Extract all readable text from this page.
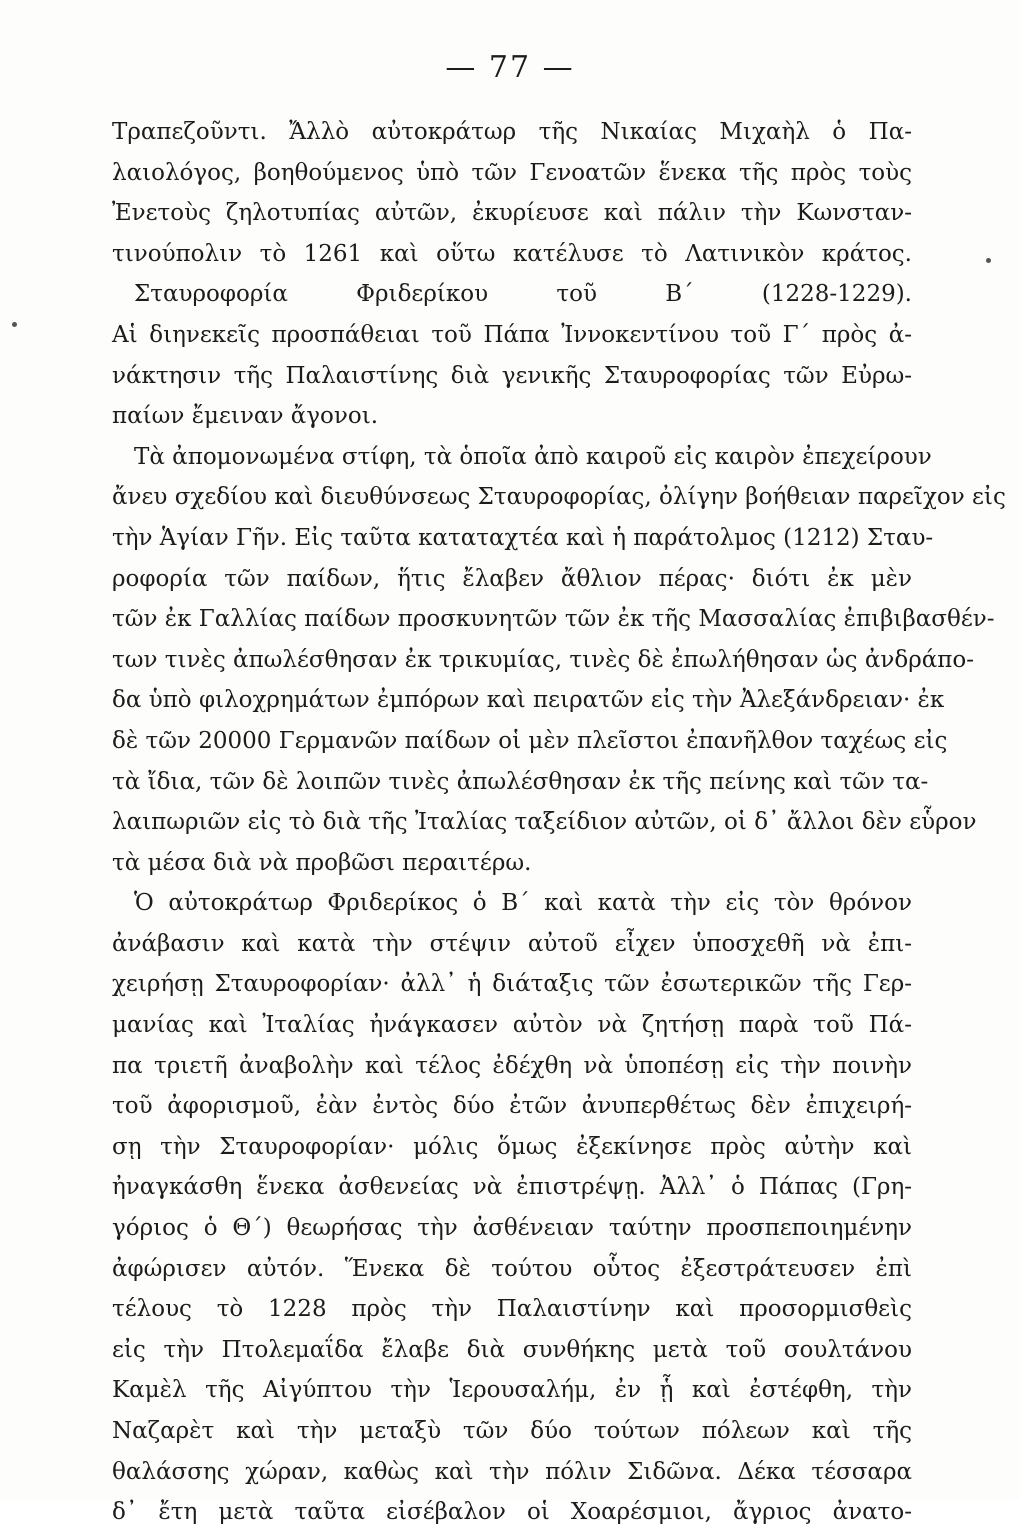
— 77 —
Τραπεζοῦντι. Ἄλλὸ αὐτοκράτωρ τῆς Νικαίας Μιχαὴλ ὁ Πα-
λαιολόγος, βοηθούμενος ὑπὸ τῶν Γενοατῶν ἕνεκα τῆς πρὸς τοὺς
Ἐνετοὺς ζηλοτυπίας αὐτῶν, ἐκυρίευσε καὶ πάλιν τὴν Κωνσταν-
τινούπολιν τὸ 1261 καὶ οὕτω κατέλυσε τὸ Λατινικὸν κράτος.
Σταυροφορία Φριδερίκου τοῦ Β΄ (1228-1229).
Αἱ διηνεκεῖς προσπάθειαι τοῦ Πάπα Ἰννοκεντίνου τοῦ Γ΄ πρὸς ἀ-
νάκτησιν τῆς Παλαιστίνης διὰ γενικῆς Σταυροφορίας τῶν Εὐρω-
παίων ἔμειναν ἄγονοι.
Τὰ ἀπομονωμένα στίφη, τὰ ὁποῖα ἀπὸ καιροῦ εἰς καιρὸν ἐπεχείρουν
ἄνευ σχεδίου καὶ διευθύνσεως Σταυροφορίας, ὀλίγην βοήθειαν παρεῖχον εἰς
τὴν Ἁγίαν Γῆν. Εἰς ταῦτα καταταχτέα καὶ ἡ παράτολμος (1212) Σταυ-
ροφορία τῶν παίδων, ἥτις ἔλαβεν ἄθλιον πέρας· διότι ἐκ μὲν
τῶν ἐκ Γαλλίας παίδων προσκυνητῶν τῶν ἐκ τῆς Μασσαλίας ἐπιβιβασθέν-
των τινὲς ἀπωλέσθησαν ἐκ τρικυμίας, τινὲς δὲ ἐπωλήθησαν ὡς ἀνδράπο-
δα ὑπὸ φιλοχρημάτων ἐμπόρων καὶ πειρατῶν εἰς τὴν Ἀλεξάνδρειαν· ἐκ
δὲ τῶν 20000 Γερμανῶν παίδων οἱ μὲν πλεῖστοι ἐπανῆλθον ταχέως εἰς
τὰ ἴδια, τῶν δὲ λοιπῶν τινὲς ἀπωλέσθησαν ἐκ τῆς πείνης καὶ τῶν τα-
λαιπωριῶν εἰς τὸ διὰ τῆς Ἰταλίας ταξείδιον αὐτῶν, οἱ δ᾽ ἄλλοι δὲν εὗρον
τὰ μέσα διὰ νὰ προβῶσι περαιτέρω.
Ὁ αὐτοκράτωρ Φριδερίκος ὁ Β΄ καὶ κατὰ τὴν εἰς τὸν θρόνον
ἀνάβασιν καὶ κατὰ τὴν στέψιν αὐτοῦ εἶχεν ὑποσχεθῆ νὰ ἐπι-
χειρήσῃ Σταυροφορίαν· ἀλλ᾽ ἡ διάταξις τῶν ἐσωτερικῶν τῆς Γερ-
μανίας καὶ Ἰταλίας ἠνάγκασεν αὐτὸν νὰ ζητήσῃ παρὰ τοῦ Πά-
πα τριετῆ ἀναβολὴν καὶ τέλος ἐδέχθη νὰ ὑποπέσῃ εἰς τὴν ποινὴν
τοῦ ἀφορισμοῦ, ἐὰν ἐντὸς δύο ἐτῶν ἀνυπερθέτως δὲν ἐπιχειρή-
σῃ τὴν Σταυροφορίαν· μόλις ὅμως ἐξεκίνησε πρὸς αὐτὴν καὶ
ἠναγκάσθη ἕνεκα ἀσθενείας νὰ ἐπιστρέψῃ. Ἀλλ᾽ ὁ Πάπας (Γρη-
γόριος ὁ Θ΄) θεωρήσας τὴν ἀσθένειαν ταύτην προσπεποιημένην
ἀφώρισεν αὐτόν. Ἕνεκα δὲ τούτου οὗτος ἐξεστράτευσεν ἐπὶ
τέλους τὸ 1228 πρὸς τὴν Παλαιστίνην καὶ προσορμισθεὶς
εἰς τὴν Πτολεμαΐδα ἔλαβε διὰ συνθήκης μετὰ τοῦ σουλτάνου
Καμὲλ τῆς Αἰγύπτου τὴν Ἱερουσαλήμ, ἐν ᾗ καὶ ἐστέφθη, τὴν
Ναζαρὲτ καὶ τὴν μεταξὺ τῶν δύο τούτων πόλεων καὶ τῆς
θαλάσσης χώραν, καθὼς καὶ τὴν πόλιν Σιδῶνα. Δέκα τέσσαρα
δ᾽ ἔτη μετὰ ταῦτα εἰσέβαλον οἱ Χοαρέσμιοι, ἄγριος ἀνατο-
